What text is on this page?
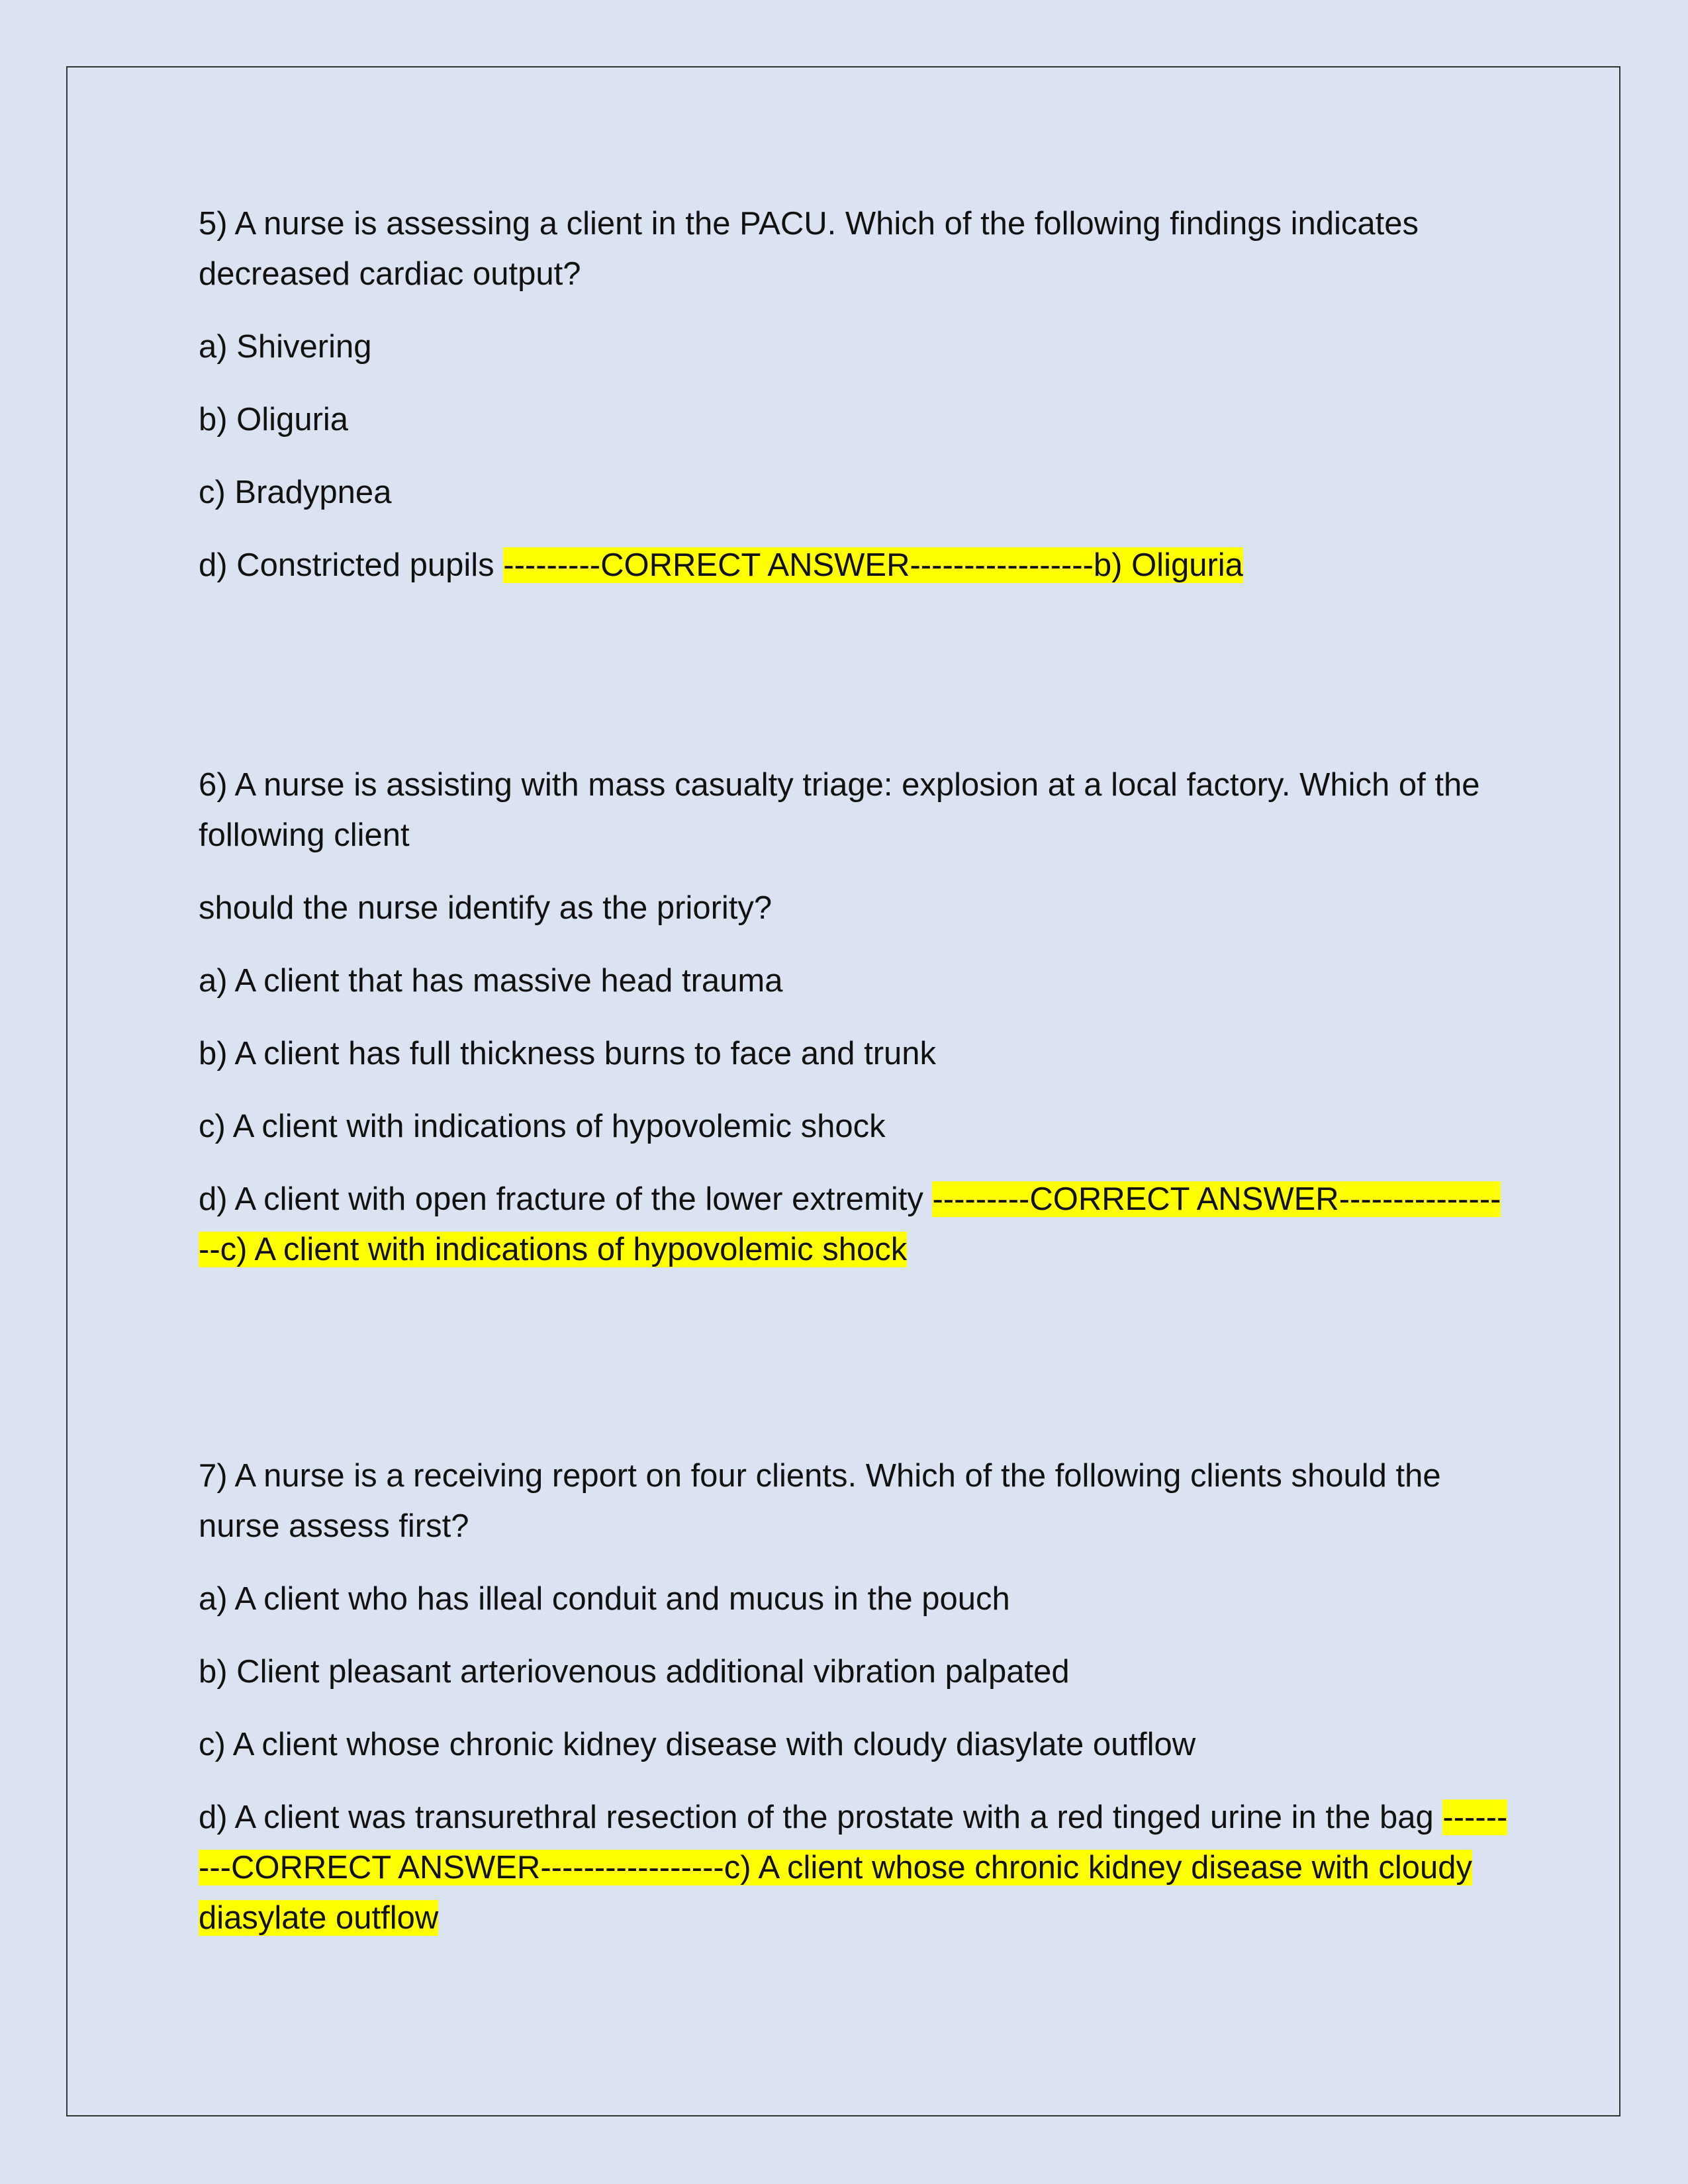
5) A nurse is assessing a client in the PACU. Which of the following findings indicates decreased cardiac output?

a) Shivering

b) Oliguria

c) Bradypnea

d) Constricted pupils ---------CORRECT ANSWER-----------------b) Oliguria

6) A nurse is assisting with mass casualty triage: explosion at a local factory. Which of the following client

should the nurse identify as the priority?

a) A client that has massive head trauma

b) A client has full thickness burns to face and trunk

c) A client with indications of hypovolemic shock

d) A client with open fracture of the lower extremity ---------CORRECT ANSWER-----------------c) A client with indications of hypovolemic shock

7) A nurse is a receiving report on four clients. Which of the following clients should the nurse assess first?

a) A client who has illeal conduit and mucus in the pouch

b) Client pleasant arteriovenous additional vibration palpated

c) A client whose chronic kidney disease with cloudy diasylate outflow

d) A client was transurethral resection of the prostate with a red tinged urine in the bag ---------CORRECT ANSWER-----------------c) A client whose chronic kidney disease with cloudy diasylate outflow
